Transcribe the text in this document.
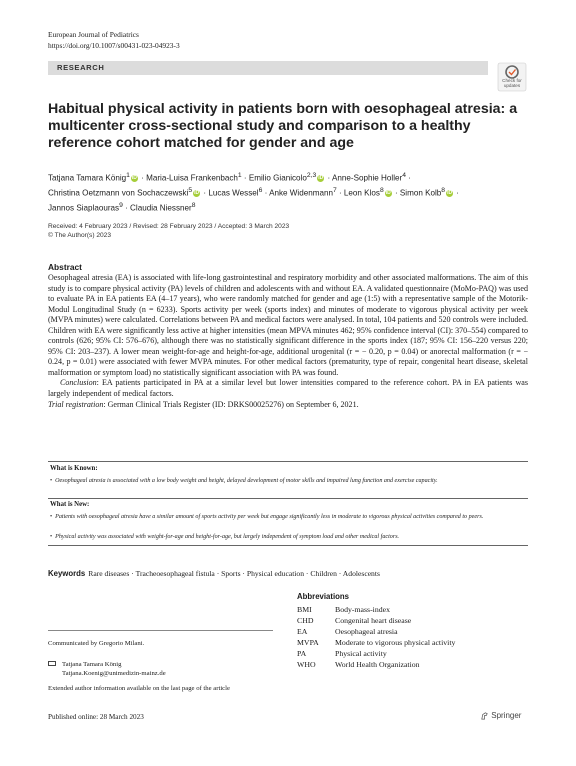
European Journal of Pediatrics
https://doi.org/10.1007/s00431-023-04923-3
RESEARCH
Check for updates
Habitual physical activity in patients born with oesophageal atresia: a multicenter cross-sectional study and comparison to a healthy reference cohort matched for gender and age
Tatjana Tamara König$^1$ iD · Maria-Luisa Frankenbach$^1$ · Emilio Gianicolo$^{2,3}$ iD · Anne-Sophie Holler$^4$ ·
Christina Oetzmann von Sochaczewski$^5$ iD · Lucas Wessel$^6$ · Anke Widenmann$^7$ · Leon Klos$^8$ iD · Simon Kolb$^8$ iD ·
Jannos Siaplaouras$^9$ · Claudia Niessner$^8$
Received: 4 February 2023 / Revised: 28 February 2023 / Accepted: 3 March 2023
© The Author(s) 2023
Abstract

Oesophageal atresia (EA) is associated with life-long gastrointestinal and respiratory morbidity and other associated malformations. The aim of this study is to compare physical activity (PA) levels of children and adolescents with and without EA. A validated questionnaire (MoMo-PAQ) was used to evaluate PA in EA patients EA (4–17 years), who were randomly matched for gender and age (1:5) with a representative sample of the Motorik-Modul Longitudinal Study (n = 6233). Sports activity per week (sports index) and minutes of moderate to vigorous physical activity per week (MVPA minutes) were calculated. Correlations between PA and medical factors were analysed. In total, 104 patients and 520 controls were included. Children with EA were significantly less active at higher intensities (mean MPVA minutes 462; 95% confidence interval (CI): 370–554) compared to controls (626; 95% CI: 576–676), although there was no statistically significant difference in the sports index (187; 95% CI: 156–220 versus 220; 95% CI: 203–237). A lower mean weight-for-age and height-for-age, additional urogenital (r = − 0.20, p = 0.04) or anorectal malformation (r = − 0.24, p = 0.01) were associated with fewer MVPA minutes. For other medical factors (prematurity, type of repair, congenital heart disease, skeletal malformation or symptom load) no statistically significant association with PA was found.

Conclusion: EA patients participated in PA at a similar level but lower intensities compared to the reference cohort. PA in EA patients was largely independent of medical factors.

Trial registration: German Clinical Trials Register (ID: DRKS00025276) on September 6, 2021.

What is Known:
• Oesophageal atresia is associated with a low body weight and height, delayed development of motor skills and impaired lung function and exercise capacity.
What is New:
• Patients with oesophageal atresia have a similar amount of sports activity per week but engage significantly less in moderate to vigorous physical activities compared to peers.
• Physical activity was associated with weight-for-age and height-for-age, but largely independent of symptom load and other medical factors.
Keywords Rare diseases · Tracheoesophageal fistula · Sports · Physical education · Children · Adolescents
Abbreviations
BMI	Body-mass-index
CHD	Congenital heart disease
EA	Oesophageal atresia
MVPA Moderate to vigorous physical activity
PA	Physical activity
WHO World Health Organization
Communicated by Gregorio Milani.
Tatjana Tamara König
Tatjana.Koenig@unimedizin-mainz.de
Extended author information available on the last page of the article
Published online: 28 March 2023	Springer
